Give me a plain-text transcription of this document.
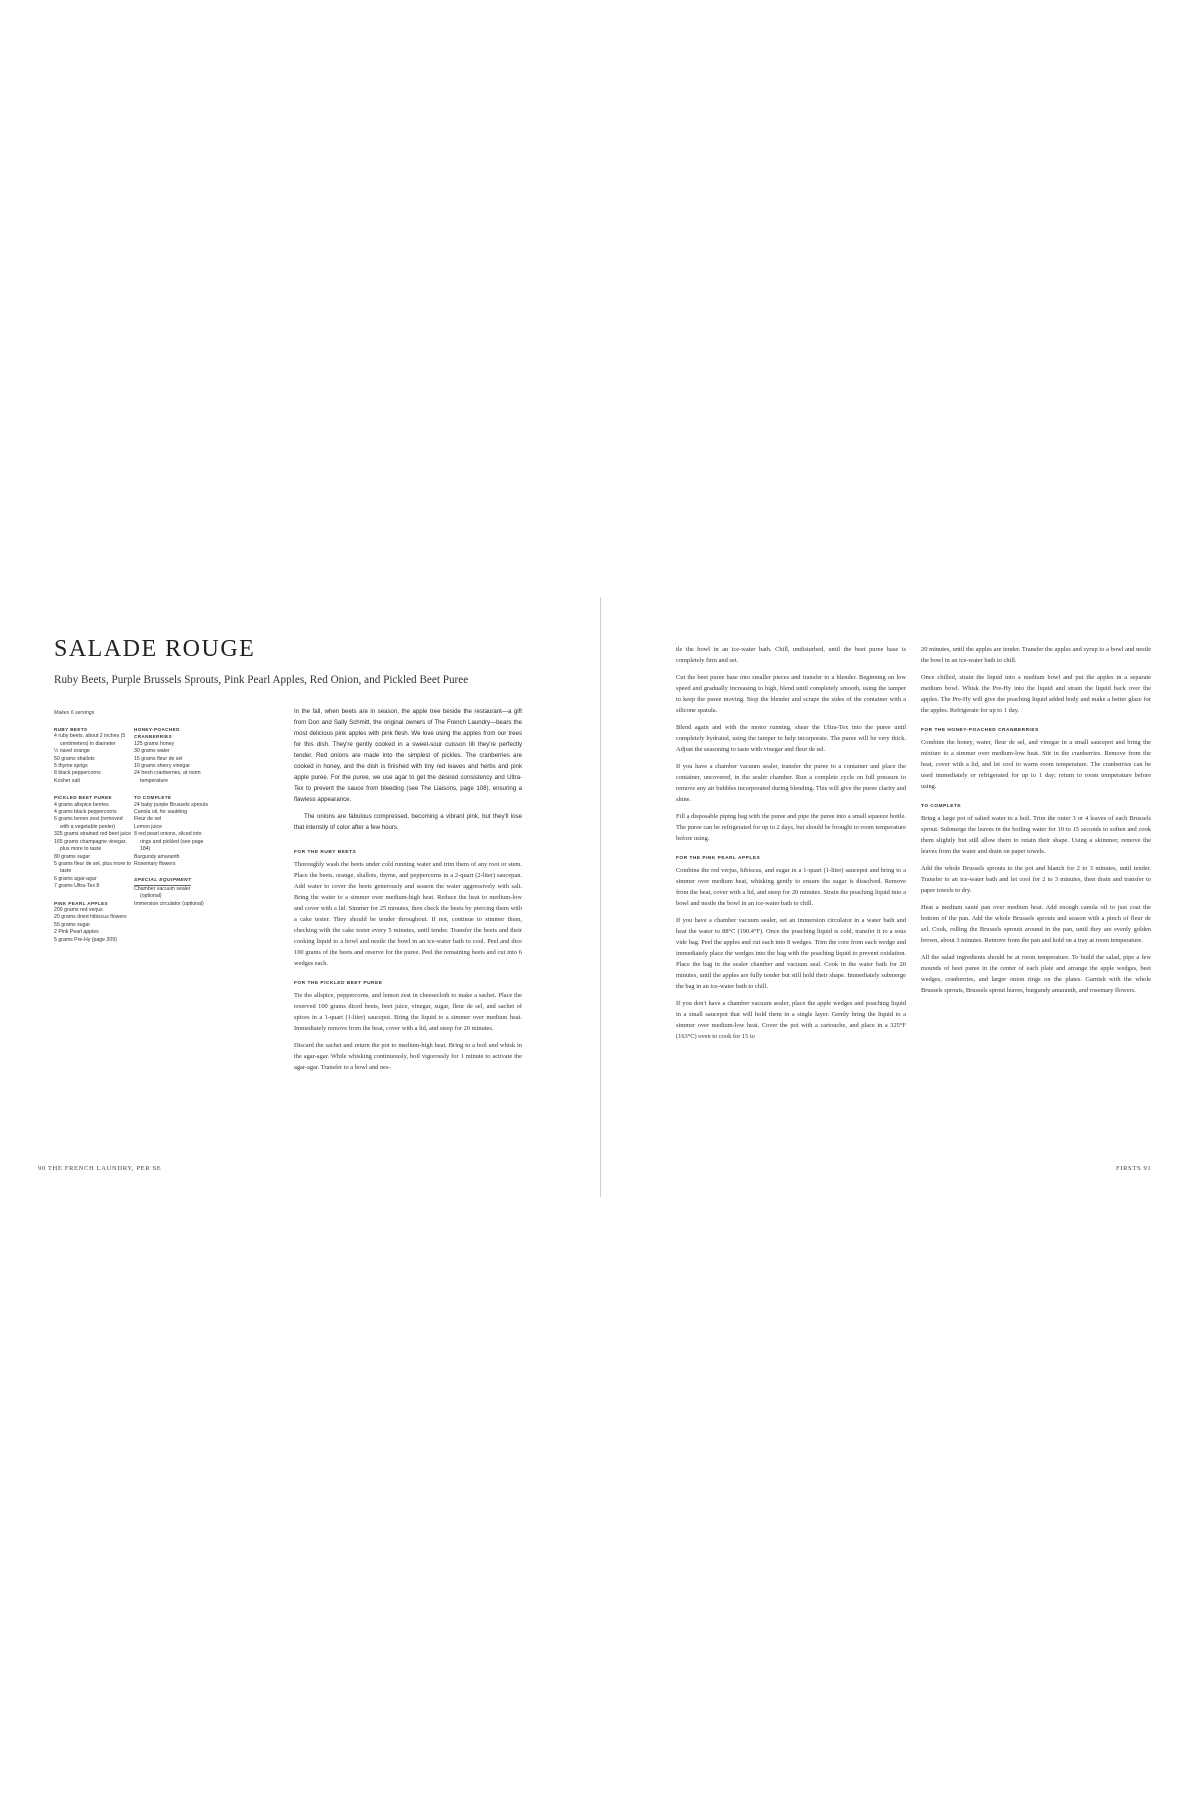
SALADE ROUGE
Ruby Beets, Purple Brussels Sprouts, Pink Pearl Apples, Red Onion, and Pickled Beet Puree
Makes 6 servings
RUBY BEETS
4 ruby beets, about 2 inches (5 centimeters) in diameter
½ navel orange
50 grams shallots
5 thyme sprigs
8 black peppercorns
Kosher salt
PICKLED BEET PUREE
4 grams allspice berries
4 grams black peppercorns
6 grams lemon zest (removed with a vegetable peeler)
325 grams strained red beet juice
165 grams champagne vinegar, plus more to taste
80 grams sugar
5 grams fleur de sel, plus more to taste
6 grams agar-agar
7 grams Ultra-Tex 8
PINK PEARL APPLES
200 grams red verjus
20 grams dried hibiscus flowers
55 grams sugar
2 Pink Pearl apples
5 grams Pre-Hy (page 209)
HONEY-POACHED CRANBERRIES
125 grams honey
30 grams water
15 grams fleur de sel
10 grams sherry vinegar
24 fresh cranberries, at room temperature
TO COMPLETE
24 baby purple Brussels sprouts
Canola oil, for sautéing
Fleur de sel
Lemon juice
8 red pearl onions, sliced into rings and pickled (see page 184)
Burgundy amaranth
Rosemary flowers
SPECIAL EQUIPMENT
Chamber vacuum sealer (optional)
Immersion circulator (optional)

In the fall, when beets are in season, the apple tree beside the restaurant—a gift from Don and Sally Schmitt, the original owners of The French Laundry—bears the most delicious pink apples with pink flesh. We love using the apples from our trees for this dish. They're gently cooked in a sweet-sour cuisson till they're perfectly tender. Red onions are made into the simplest of pickles. The cranberries are cooked in honey, and the dish is finished with tiny red leaves and herbs and pink apple puree. For the puree, we use agar to get the desired consistency and Ultra-Tex to prevent the sauce from bleeding (see The Liaisons, page 108), ensuring a flawless appearance.

The onions are fabulous compressed, becoming a vibrant pink, but they'll lose that intensity of color after a few hours.

FOR THE RUBY BEETS

Thoroughly wash the beets under cold running water and trim them of any root or stem. Place the beets, orange, shallots, thyme, and peppercorns in a 2-quart (2-liter) saucepan. Add water to cover the beets generously and season the water aggressively with salt. Bring the water to a simmer over medium-high heat. Reduce the heat to medium-low and cover with a lid. Simmer for 25 minutes, then check the beets by piercing them with a cake tester. They should be tender throughout. If not, continue to simmer them, checking with the cake tester every 5 minutes, until tender. Transfer the beets and their cooking liquid to a bowl and nestle the bowl in an ice-water bath to cool. Peel and dice 100 grams of the beets and reserve for the puree. Peel the remaining beets and cut into 6 wedges each.

FOR THE PICKLED BEET PUREE

Tie the allspice, peppercorns, and lemon zest in cheesecloth to make a sachet. Place the reserved 100 grams diced beets, beet juice, vinegar, sugar, fleur de sel, and sachet of spices in a 1-quart (1-liter) saucepot. Bring the liquid to a simmer over medium heat. Immediately remove from the heat, cover with a lid, and steep for 20 minutes.

Discard the sachet and return the pot to medium-high heat. Bring to a boil and whisk in the agar-agar. While whisking continuously, boil vigorously for 1 minute to activate the agar-agar. Transfer to a bowl and nes-

90 THE FRENCH LAUNDRY, PER SE

tle the bowl in an ice-water bath. Chill, undisturbed, until the beet puree base is completely firm and set.

Cut the beet puree base into smaller pieces and transfer to a blender. Beginning on low speed and gradually increasing to high, blend until completely smooth, using the tamper to keep the puree moving. Stop the blender and scrape the sides of the container with a silicone spatula.

Blend again and with the motor running, shear the Ultra-Tex into the puree until completely hydrated, using the tamper to help incorporate. The puree will be very thick. Adjust the seasoning to taste with vinegar and fleur de sel.

If you have a chamber vacuum sealer, transfer the puree to a container and place the container, uncovered, in the sealer chamber. Run a complete cycle on full pressure to remove any air bubbles incorporated during blending. This will give the puree clarity and shine.

Fill a disposable piping bag with the puree and pipe the puree into a small squeeze bottle. The puree can be refrigerated for up to 2 days, but should be brought to room temperature before using.

FOR THE PINK PEARL APPLES

Combine the red verjus, hibiscus, and sugar in a 1-quart (1-liter) saucepot and bring to a simmer over medium heat, whisking gently to ensure the sugar is dissolved. Remove from the heat, cover with a lid, and steep for 20 minutes. Strain the poaching liquid into a bowl and nestle the bowl in an ice-water bath to chill.

If you have a chamber vacuum sealer, set an immersion circulator in a water bath and heat the water to 88°C (190.4°F). Once the poaching liquid is cold, transfer it to a sous vide bag. Peel the apples and cut each into 8 wedges. Trim the core from each wedge and immediately place the wedges into the bag with the poaching liquid to prevent oxidation. Place the bag in the sealer chamber and vacuum seal. Cook in the water bath for 20 minutes, until the apples are fully tender but still hold their shape. Immediately submerge the bag in an ice-water bath to chill.

If you don't have a chamber vacuum sealer, place the apple wedges and poaching liquid in a small saucepot that will hold them in a single layer. Gently bring the liquid to a simmer over medium-low heat. Cover the pot with a cartouche, and place in a 325°F (163°C) oven to cook for 15 to

20 minutes, until the apples are tender. Transfer the apples and syrup to a bowl and nestle the bowl in an ice-water bath to chill.

Once chilled, strain the liquid into a medium bowl and put the apples in a separate medium bowl. Whisk the Pre-Hy into the liquid and strain the liquid back over the apples. The Pre-Hy will give the poaching liquid added body and make a better glaze for the apples. Refrigerate for up to 1 day.

FOR THE HONEY-POACHED CRANBERRIES

Combine the honey, water, fleur de sel, and vinegar in a small saucepot and bring the mixture to a simmer over medium-low heat. Stir in the cranberries. Remove from the heat, cover with a lid, and let cool to warm room temperature. The cranberries can be used immediately or refrigerated for up to 1 day; return to room temperature before using.

TO COMPLETE

Bring a large pot of salted water to a boil. Trim the outer 3 or 4 leaves of each Brussels sprout. Submerge the leaves in the boiling water for 10 to 15 seconds to soften and cook them slightly but still allow them to retain their shape. Using a skimmer, remove the leaves from the water and drain on paper towels.

Add the whole Brussels sprouts to the pot and blanch for 2 to 3 minutes, until tender. Transfer to an ice-water bath and let cool for 2 to 3 minutes, then drain and transfer to paper towels to dry.

Heat a medium sauté pan over medium heat. Add enough canola oil to just coat the bottom of the pan. Add the whole Brussels sprouts and season with a pinch of fleur de sel. Cook, rolling the Brussels sprouts around in the pan, until they are evenly golden brown, about 3 minutes. Remove from the pan and hold on a tray at room temperature.

All the salad ingredients should be at room temperature. To build the salad, pipe a few mounds of beet puree in the center of each plate and arrange the apple wedges, beet wedges, cranberries, and larger onion rings on the plates. Garnish with the whole Brussels sprouts, Brussels sprout leaves, burgundy amaranth, and rosemary flowers.

FIRSTS 91
